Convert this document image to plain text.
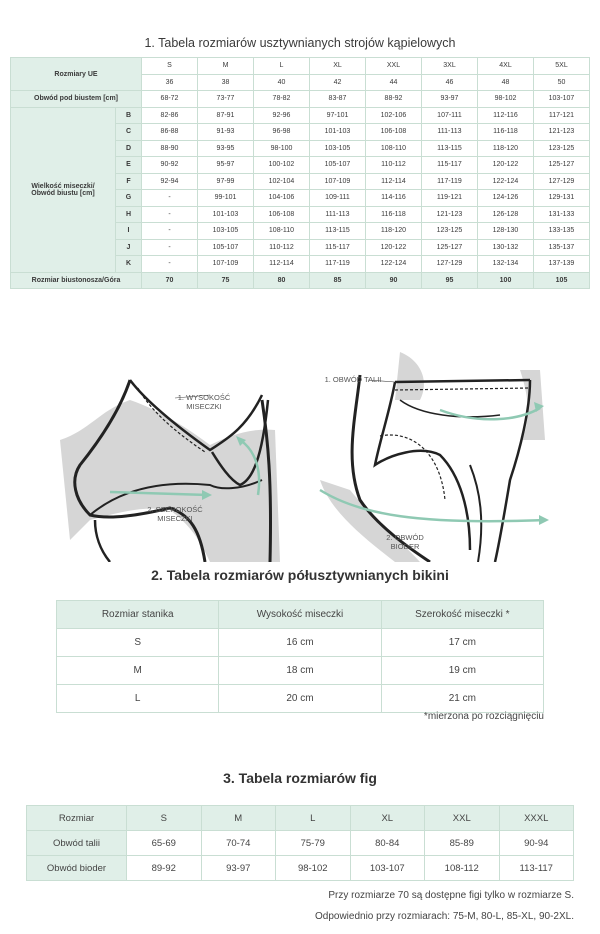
1. Tabela rozmiarów usztywnianych strojów kąpielowych
Rozmiary UE		S	M	L	XL	XXL	3XL	4XL	5XL
		36	38	40	42	44	46	48	50
Obwód pod biustem [cm]		68-72	73-77	78-82	83-87	88-92	93-97	98-102	103-107

Wielkość miseczki/
Obwód biustu [cm]	B	82-86	87-91	92-96	97-101	102-106	107-111	112-116	117-121
	C	86-88	91-93	96-98	101-103	106-108	111-113	116-118	121-123
	D	88-90	93-95	98-100	103-105	108-110	113-115	118-120	123-125
	E	90-92	95-97	100-102	105-107	110-112	115-117	120-122	125-127
	F	92-94	97-99	102-104	107-109	112-114	117-119	122-124	127-129
	G	-	99-101	104-106	109-111	114-116	119-121	124-126	129-131
	H	-	101-103	106-108	111-113	116-118	121-123	126-128	131-133
	I	-	103-105	108-110	113-115	118-120	123-125	128-130	133-135
	J	-	105-107	110-112	115-117	120-122	125-127	130-132	135-137
	K	-	107-109	112-114	117-119	122-124	127-129	132-134	137-139
Rozmiar biustonosza/Góra		70	75	80	85	90	95	100	105
1. WYSOKOŚĆ
MISECZKI
2. SZEROKOŚĆ
MISECZKI
1. OBWÓD TALII
2. OBWÓD
BIODER
2. Tabela rozmiarów półusztywnianych bikini
Rozmiar stanika	Wysokość miseczki	Szerokość miseczki *
S	16 cm	17 cm
M	18 cm	19 cm
L	20 cm	21 cm
*mierzona po rozciągnięciu
3. Tabela rozmiarów fig
Rozmiar	S	M	L	XL	XXL	XXXL
Obwód talii	65-69	70-74	75-79	80-84	85-89	90-94
Obwód bioder	89-92	93-97	98-102	103-107	108-112	113-117
Przy rozmiarze 70 są dostępne figi tylko w rozmiarze S.
Odpowiednio przy rozmiarach: 75-M, 80-L, 85-XL, 90-2XL.
